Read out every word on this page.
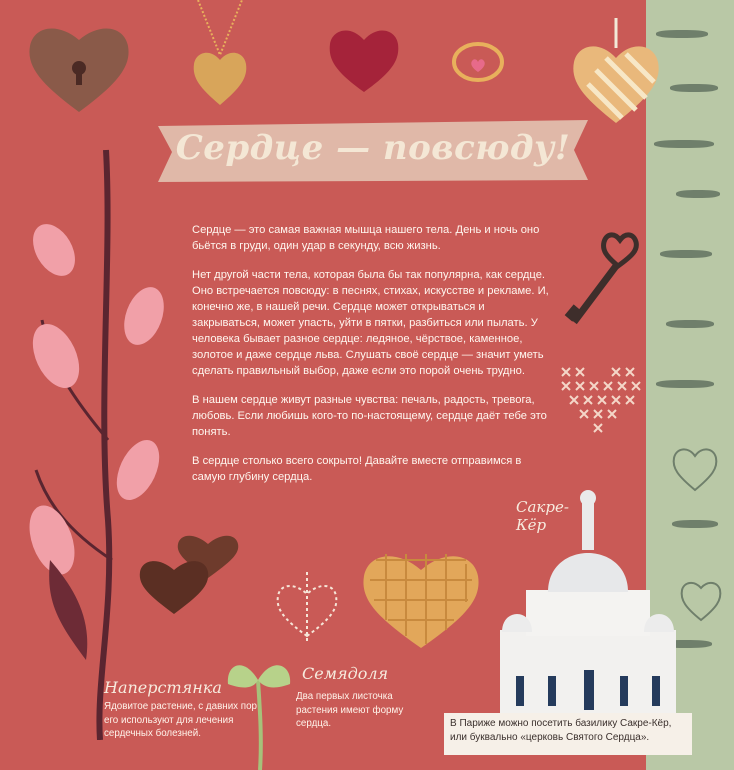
Сердце — повсюду!

Сердце — это самая важная мышца нашего тела. День и ночь оно бьётся в груди, один удар в секунду, всю жизнь.

Нет другой части тела, которая была бы так популярна, как сердце. Оно встречается повсюду: в песнях, стихах, искусстве и рекламе. И, конечно же, в нашей речи. Сердце может открываться и закрываться, может упасть, уйти в пятки, разбиться или пылать. У человека бывает разное сердце: ледяное, чёрствое, каменное, золотое и даже сердце льва. Слушать своё сердце — значит уметь сделать правильный выбор, даже если это порой очень трудно.

В нашем сердце живут разные чувства: печаль, радость, тревога, любовь. Если любишь кого-то по-настоящему, сердце даёт тебе это понять.

В сердце столько всего сокрыто! Давайте вместе отправимся в самую глубину сердца.

Сакре-Кёр
Наперстянка
Ядовитое растение, с давних пор его используют для лечения сердечных болезней.
Семядоля
Два первых листочка растения имеют форму сердца.	В Париже можно посетить базилику Сакре-Кёр, или буквально «церковь Святого Сердца».
